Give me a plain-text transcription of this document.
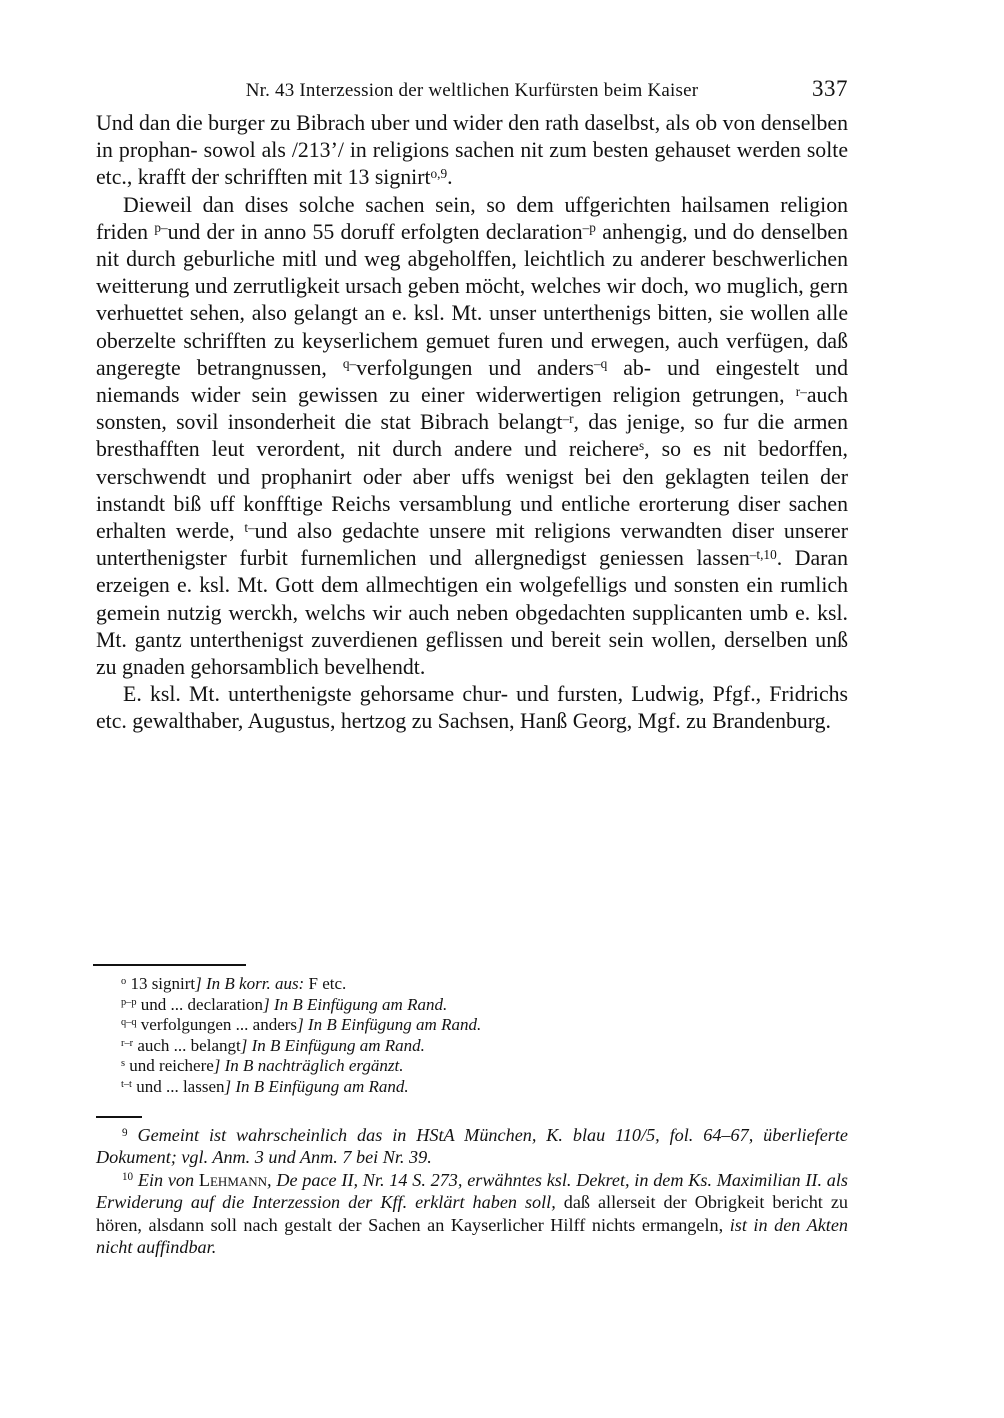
Nr. 43 Interzession der weltlichen Kurfürsten beim Kaiser	337
Und dan die burger zu Bibrach uber und wider den rath daselbst, als ob von denselben in prophan- sowol als /213’/ in religions sachen nit zum besten gehauset werden solte etc., krafft der schrifften mit 13 signirt$^{o,9}$.
Dieweil dan dises solche sachen sein, so dem uffgerichten hailsamen religion friden $^{p-}$und der in anno 55 doruff erfolgten declaration$^{-p}$ anhengig, und do denselben nit durch geburliche mitl und weg abgeholffen, leichtlich zu anderer beschwerlichen weitterung und zerrutligkeit ursach geben möcht, welches wir doch, wo muglich, gern verhuettet sehen, also gelangt an e. ksl. Mt. unser unterthenigs bitten, sie wollen alle oberzelte schrifften zu keyserlichem gemuet furen und erwegen, auch verfügen, daß angeregte betrangnussen, $^{q-}$verfolgungen und anders$^{-q}$ ab- und eingestelt und niemands wider sein gewissen zu einer widerwertigen religion getrungen, $^{r-}$auch sonsten, sovil insonderheit die stat Bibrach belangt$^{-r}$, das jenige, so fur die armen bresthafften leut verordent, nit durch andere und reichere$^s$, so es nit bedorffen, verschwendt und prophanirt oder aber uffs wenigst bei den geklagten teilen der instandt biß uff konfftige Reichs versamblung und entliche erorterung diser sachen erhalten werde, $^{t-}$und also gedachte unsere mit religions verwandten diser unserer unterthenigster furbit furnemlichen und allergnedigst geniessen lassen$^{-t,10}$. Daran erzeigen e. ksl. Mt. Gott dem allmechtigen ein wolgefelligs und sonsten ein rumlich gemein nutzig werckh, welchs wir auch neben obgedachten supplicanten umb e. ksl. Mt. gantz unterthenigst zuverdienen geflissen und bereit sein wollen, derselben unß zu gnaden gehorsamblich bevelhendt.
E. ksl. Mt. unterthenigste gehorsame chur- und fursten, Ludwig, Pfgf., Fridrichs etc. gewalthaber, Augustus, hertzog zu Sachsen, Hanß Georg, Mgf. zu Brandenburg.
$^o$ 13 signirt] In B korr. aus: F etc.
$^{p-p}$ und ... declaration] In B Einfügung am Rand.
$^{q-q}$ verfolgungen ... anders] In B Einfügung am Rand.
$^{r-r}$ auch ... belangt] In B Einfügung am Rand.
$^s$ und reichere] In B nachträglich ergänzt.
$^{t-t}$ und ... lassen] In B Einfügung am Rand.
$^9$ Gemeint ist wahrscheinlich das in HStA München, K. blau 110/5, fol. 64–67, überlieferte Dokument; vgl. Anm. 3 und Anm. 7 bei Nr. 39.
$^{10}$ Ein von Lehmann, De pace II, Nr. 14 S. 273, erwähntes ksl. Dekret, in dem Ks. Maximilian II. als Erwiderung auf die Interzession der Kff. erklärt haben soll, daß allerseit der Obrigkeit bericht zu hören, alsdann soll nach gestalt der Sachen an Kayserlicher Hilff nichts ermangeln, ist in den Akten nicht auffindbar.
